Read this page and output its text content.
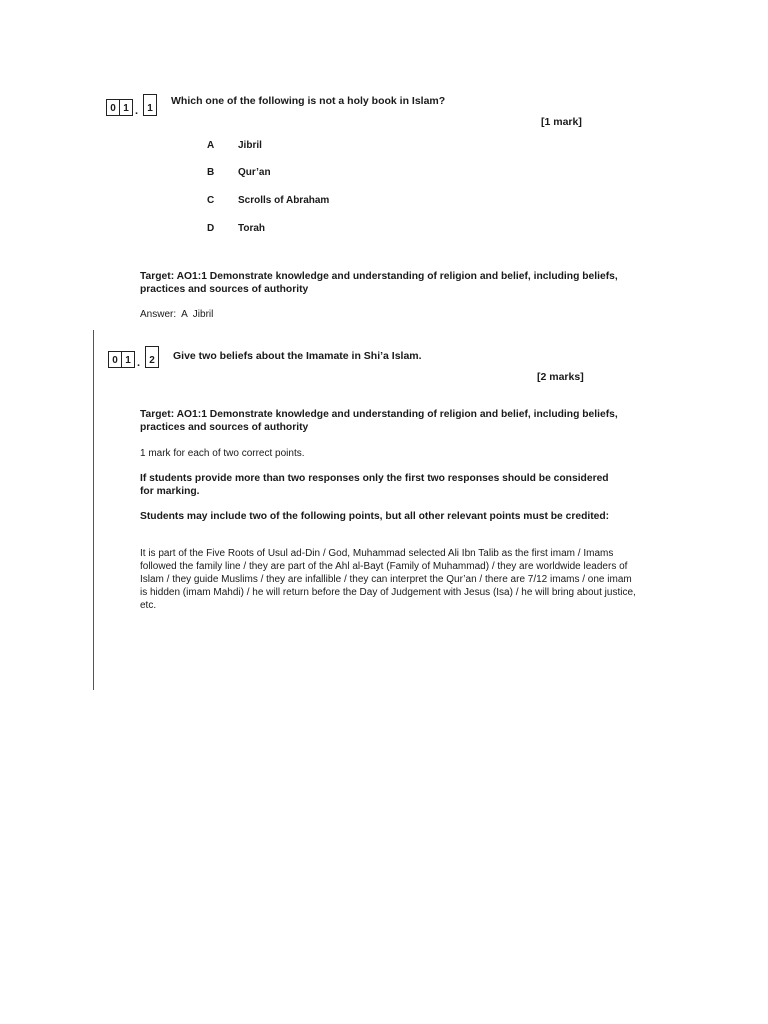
0 1 . 1
Which one of the following is not a holy book in Islam?
[1 mark]
A Jibril
B Qur’an
C Scrolls of Abraham
D Torah
Target: AO1:1 Demonstrate knowledge and understanding of religion and belief, including beliefs, practices and sources of authority
Answer:  A  Jibril
0 1 . 2	Give two beliefs about the Imamate in Shi’a Islam.
[2 marks]
Target: AO1:1 Demonstrate knowledge and understanding of religion and belief, including beliefs, practices and sources of authority
1 mark for each of two correct points.
If students provide more than two responses only the first two responses should be considered for marking.
Students may include two of the following points, but all other relevant points must be credited:
It is part of the Five Roots of Usul ad-Din / God, Muhammad selected Ali Ibn Talib as the first imam / Imams followed the family line / they are part of the Ahl al-Bayt (Family of Muhammad) / they are worldwide leaders of Islam / they guide Muslims / they are infallible / they can interpret the Qur’an / there are 7/12 imams / one imam is hidden (imam Mahdi) / he will return before the Day of Judgement with Jesus (Isa) / he will bring about justice, etc.
